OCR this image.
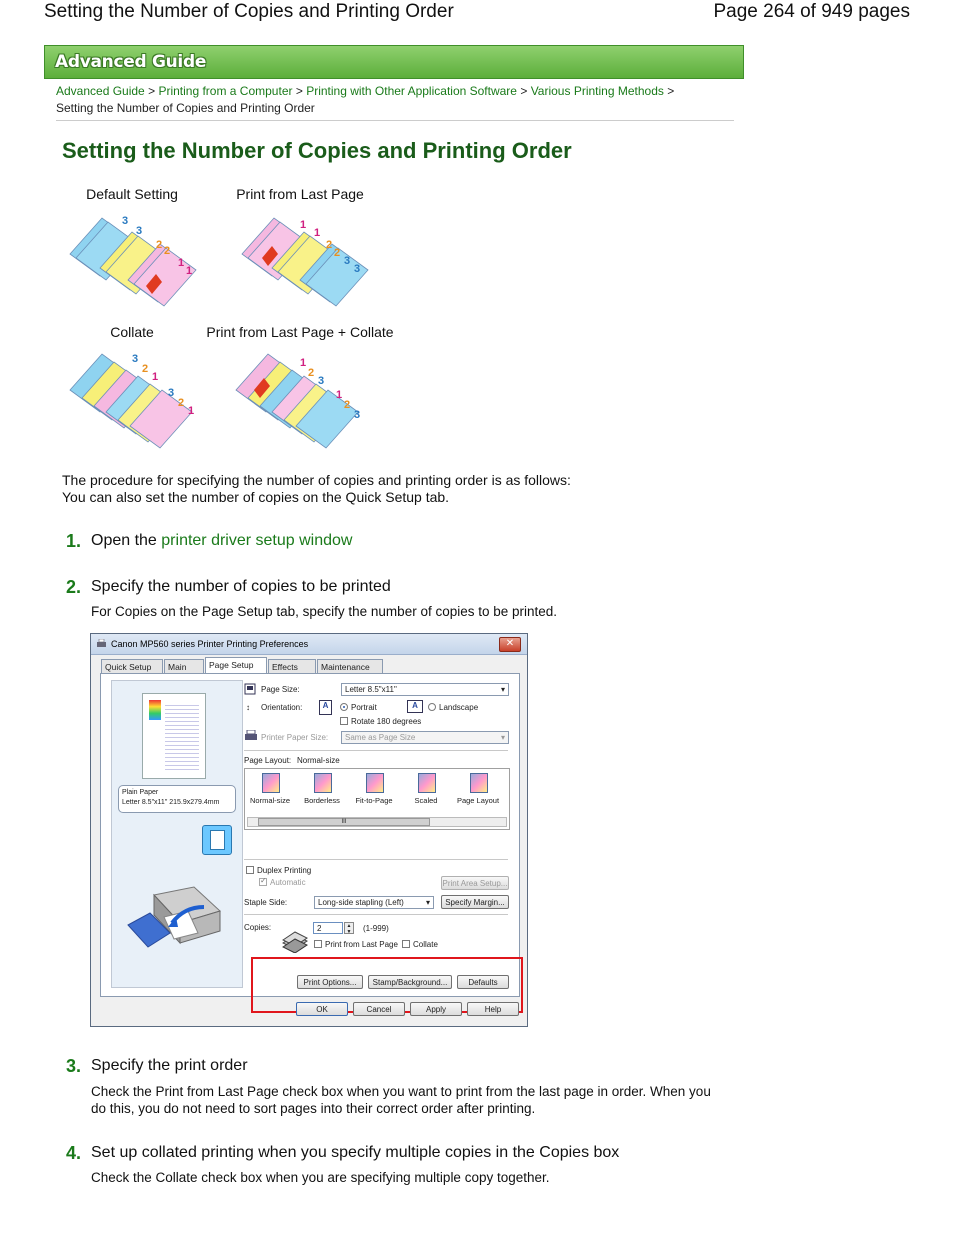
Setting the Number of Copies and Printing Order	Page 264 of 949 pages
Advanced Guide
Advanced Guide > Printing from a Computer > Printing with Other Application Software > Various Printing Methods >
Setting the Number of Copies and Printing Order
Setting the Number of Copies and Printing Order
Default Setting	Print from Last Page
Collate	Print from Last Page + Collate
3
3
2 2
1
1
1
1
2
2
3
3
3
2
1
3
2
1
1
2
3
1
2
3
The procedure for specifying the number of copies and printing order is as follows:
You can also set the number of copies on the Quick Setup tab.
1. Open the printer driver setup window
2. Specify the number of copies to be printed
For Copies on the Page Setup tab, specify the number of copies to be printed.
Canon MP560 series Printer Printing Preferences	✕
Quick Setup	Main	Page Setup	Effects	Maintenance
Plain Paper
Letter 8.5"x11" 215.9x279.4mm
Page Size:	Letter 8.5"x11" ▾
↕ Orientation:	A	Portrait	A	Landscape
Rotate 180 degrees
Printer Paper Size:	Same as Page Size ▾
Page Layout: Normal-size
Normal-size	Borderless	Fit-to-Page	Scaled	Page Layout
III
Duplex Printing
✓
Automatic	Print Area Setup...
Staple Side:	Long-side stapling (Left) ▾	Specify Margin...
Copies:	2	▲
▼	(1-999)
Print from Last Page Collate
Print Options...	Stamp/Background...	Defaults
OK	Cancel	Apply	Help
3. Specify the print order
Check the Print from Last Page check box when you want to print from the last page in order. When you do this, you do not need to sort pages into their correct order after printing.
4. Set up collated printing when you specify multiple copies in the Copies box
Check the Collate check box when you are specifying multiple copy together.
